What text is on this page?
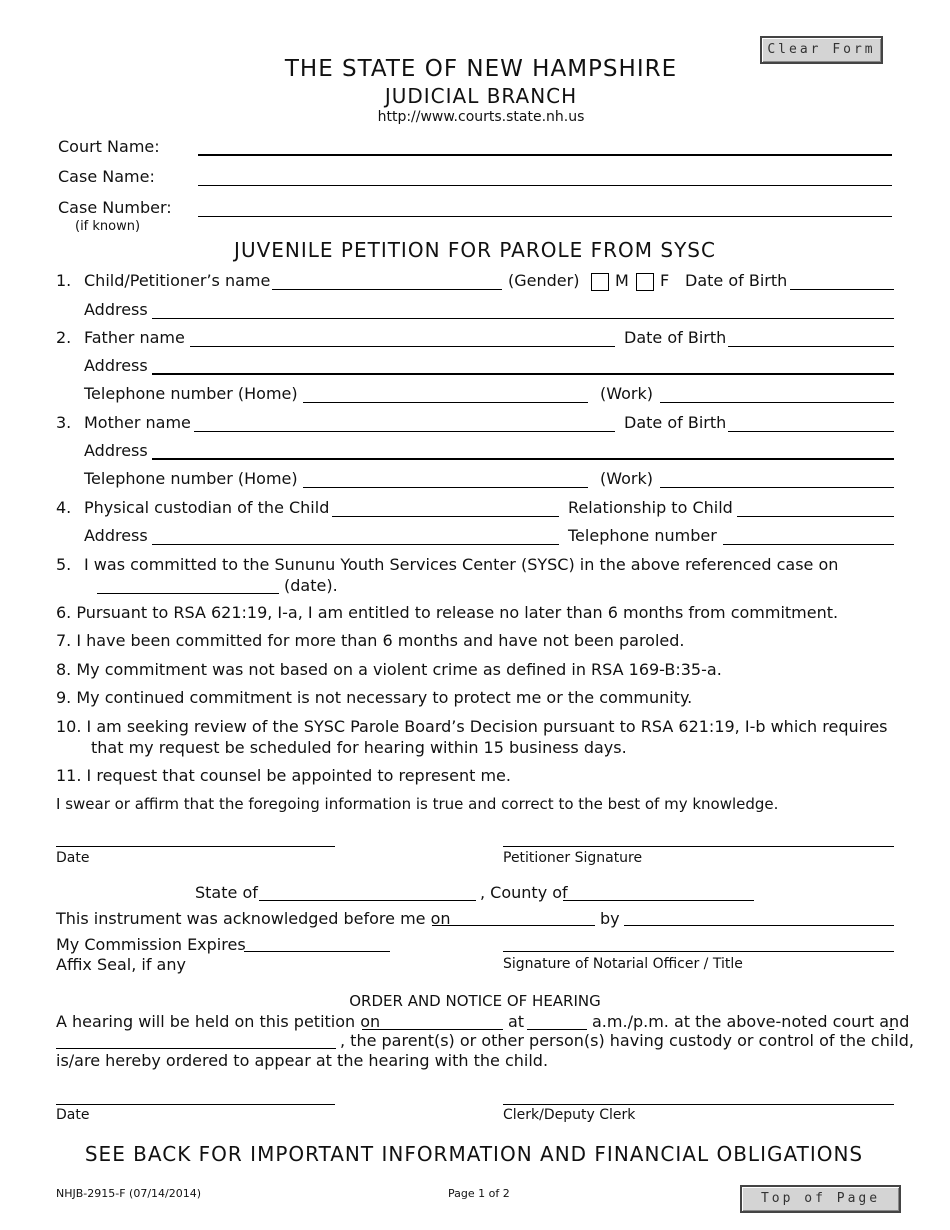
Clear Form
Top of Page
THE STATE OF NEW HAMPSHIRE
JUDICIAL BRANCH
http://www.courts.state.nh.us
Court Name:
Case Name:
Case Number:
(if known)
JUVENILE PETITION FOR PAROLE FROM SYSC
1. Child/Petitioner’s name	(Gender) M F Date of Birth
Address
2. Father name	Date of Birth
Address
Telephone number (Home)	(Work)
3. Mother name	Date of Birth
Address
Telephone number (Home)	(Work)
4. Physical custodian of the Child	Relationship to Child
Address	Telephone number
5. I was committed to the Sununu Youth Services Center (SYSC) in the above referenced case on
(date).
6. Pursuant to RSA 621:19, I-a, I am entitled to release no later than 6 months from commitment.
7. I have been committed for more than 6 months and have not been paroled.
8. My commitment was not based on a violent crime as defined in RSA 169-B:35-a.
9. My continued commitment is not necessary to protect me or the community.
10. I am seeking review of the SYSC Parole Board’s Decision pursuant to RSA 621:19, I-b which requires
that my request be scheduled for hearing within 15 business days.
11. I request that counsel be appointed to represent me.
I swear or affirm that the foregoing information is true and correct to the best of my knowledge.
Date	Petitioner Signature
State of	, County of
This instrument was acknowledged before me on	by
My Commission Expires
Affix Seal, if any	Signature of Notarial Officer / Title
ORDER AND NOTICE OF HEARING
A hearing will be held on this petition on	at	a.m./p.m. at the above-noted court and
, the parent(s) or other person(s) having custody or control of the child,
is/are hereby ordered to appear at the hearing with the child.
Date	Clerk/Deputy Clerk
SEE BACK FOR IMPORTANT INFORMATION AND FINANCIAL OBLIGATIONS
NHJB-2915-F (07/14/2014)	Page 1 of 2
